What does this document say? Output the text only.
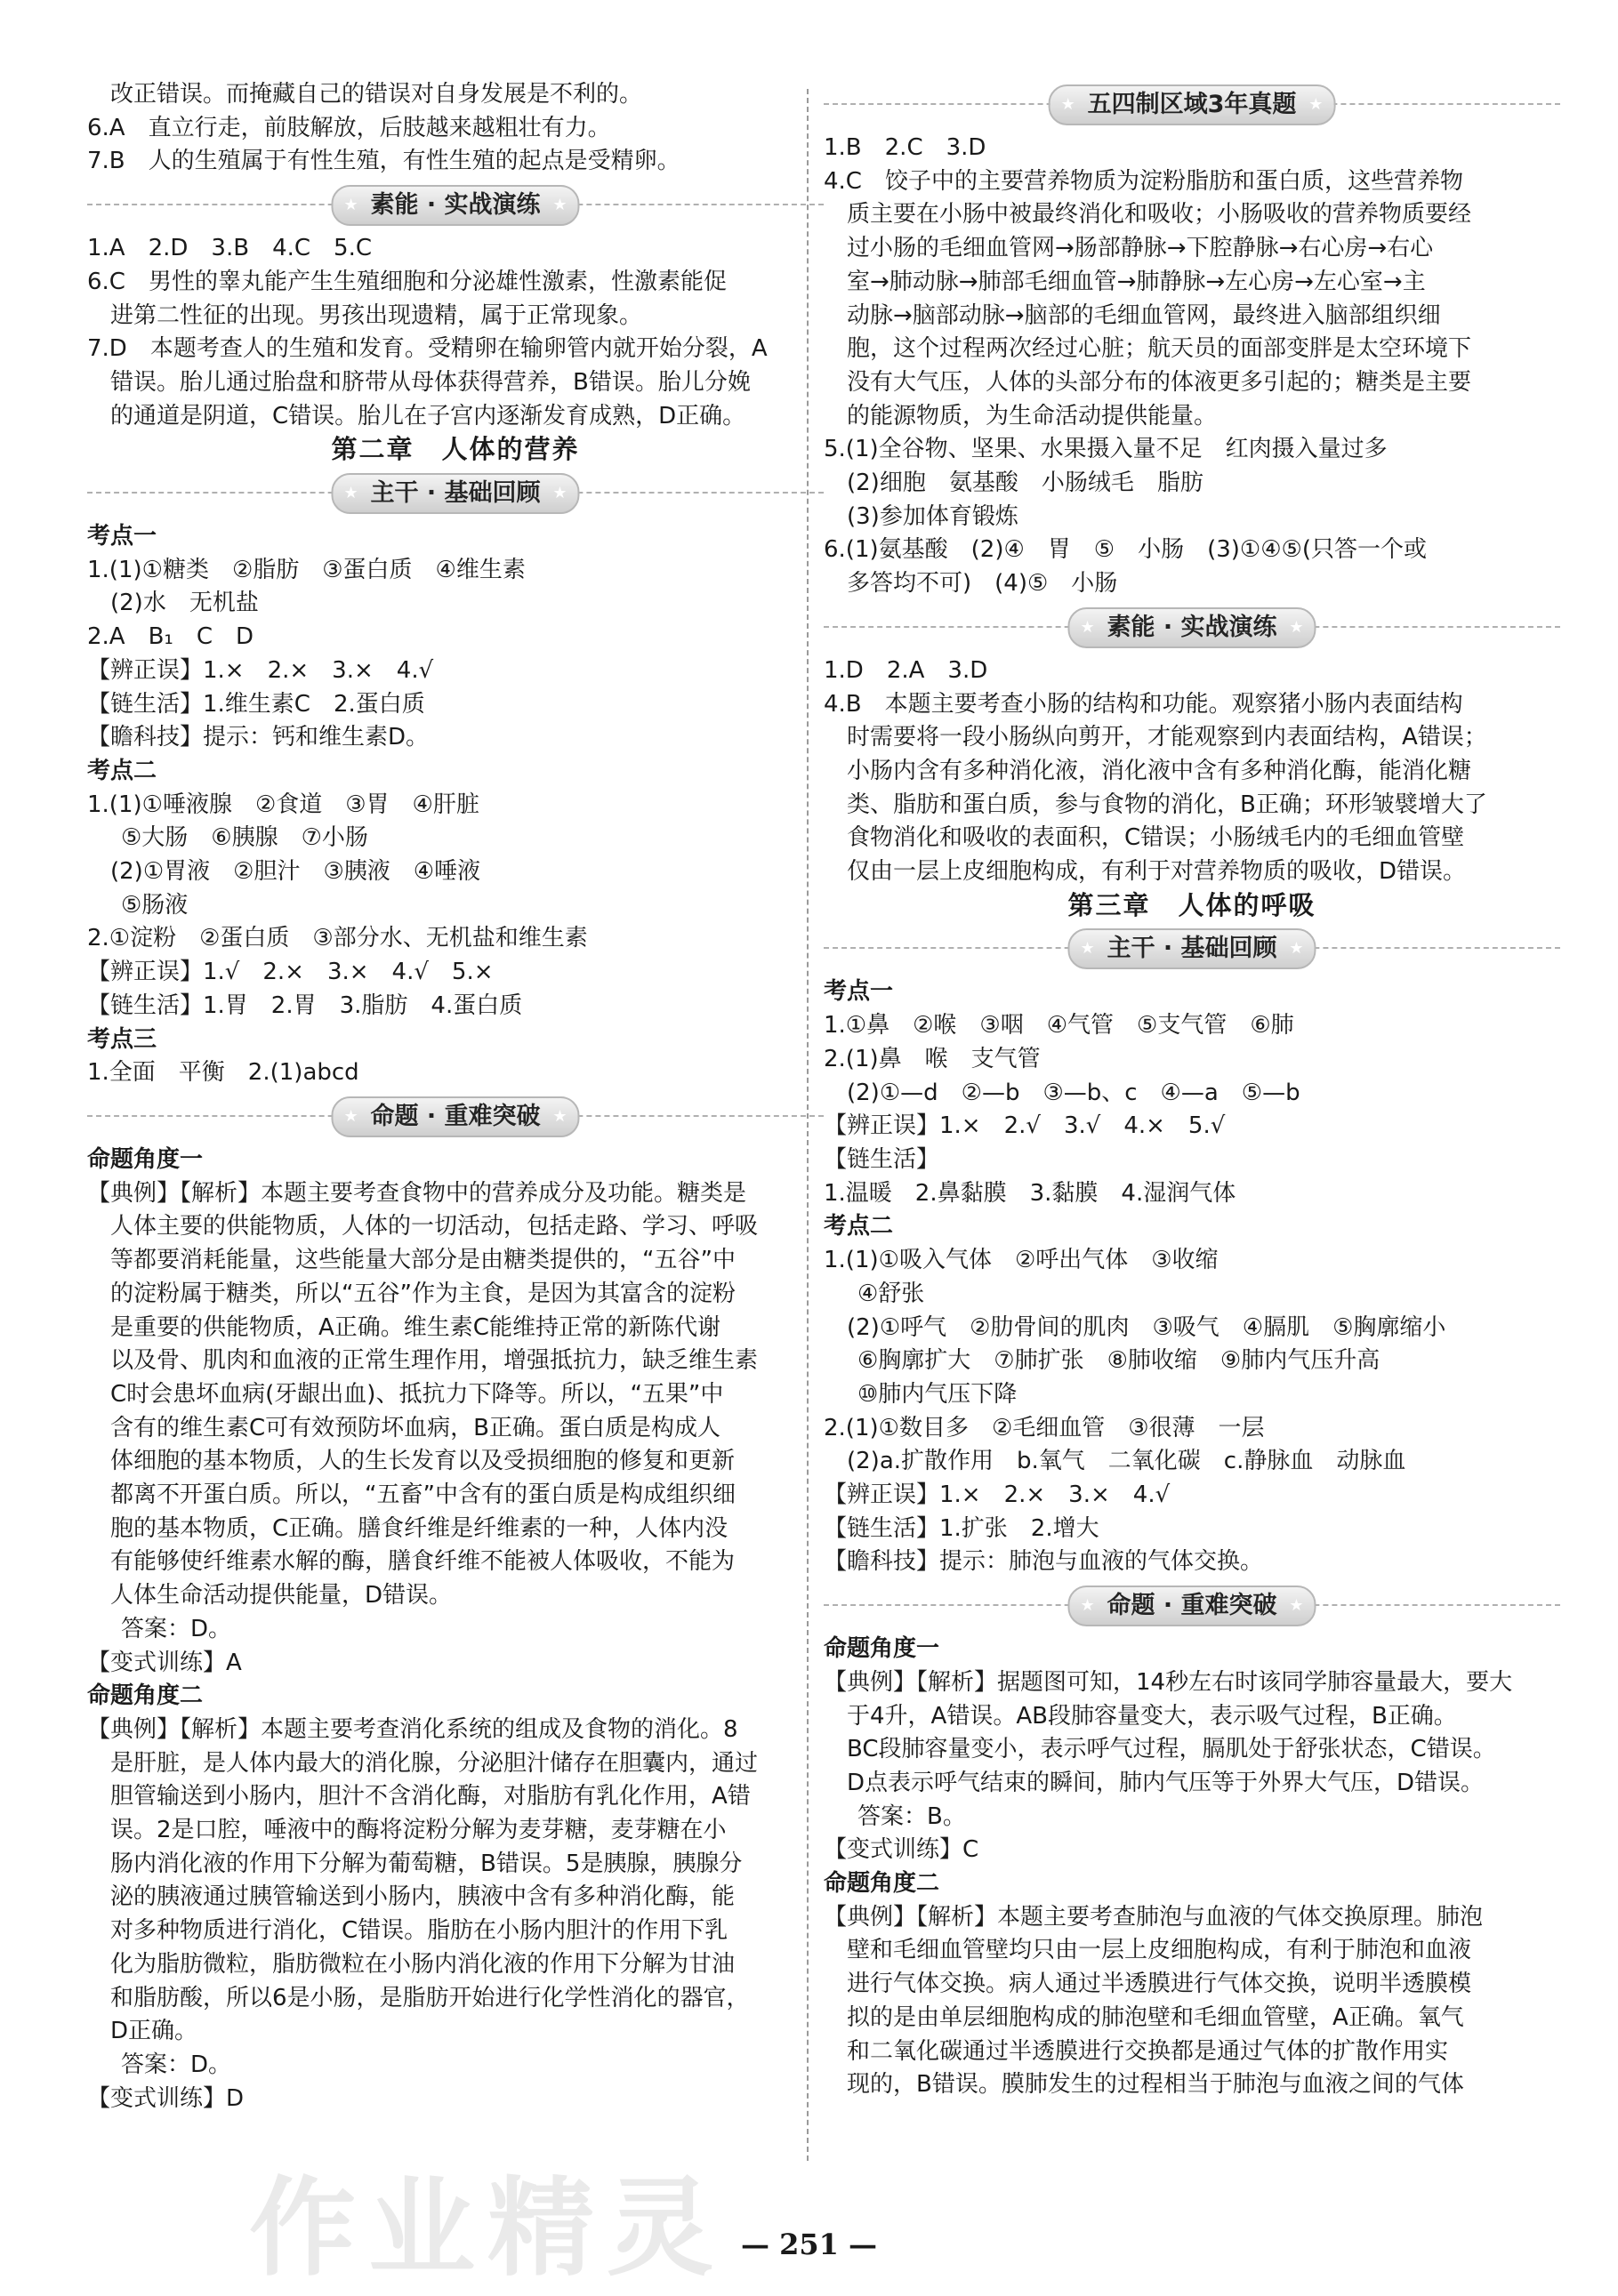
改正错误。而掩藏自己的错误对自身发展是不利的。
6.A　直立行走，前肢解放，后肢越来越粗壮有力。
7.B　人的生殖属于有性生殖，有性生殖的起点是受精卵。
★ 素能 · 实战演练 ★
1.A　2.D　3.B　4.C　5.C
6.C　男性的睾丸能产生生殖细胞和分泌雄性激素，性激素能促
进第二性征的出现。男孩出现遗精，属于正常现象。
7.D　本题考查人的生殖和发育。受精卵在输卵管内就开始分裂，A
错误。胎儿通过胎盘和脐带从母体获得营养，B错误。胎儿分娩
的通道是阴道，C错误。胎儿在子宫内逐渐发育成熟，D正确。
第二章　人体的营养
★ 主干 · 基础回顾 ★
考点一
1.(1)①糖类　②脂肪　③蛋白质　④维生素
(2)水　无机盐
2.A　B₁　C　D
【辨正误】1.×　2.×　3.×　4.√
【链生活】1.维生素C　2.蛋白质
【瞻科技】提示：钙和维生素D。
考点二
1.(1)①唾液腺　②食道　③胃　④肝脏
⑤大肠　⑥胰腺　⑦小肠
(2)①胃液　②胆汁　③胰液　④唾液
⑤肠液
2.①淀粉　②蛋白质　③部分水、无机盐和维生素
【辨正误】1.√　2.×　3.×　4.√　5.×
【链生活】1.胃　2.胃　3.脂肪　4.蛋白质
考点三
1.全面　平衡　2.(1)abcd
★ 命题 · 重难突破 ★
命题角度一
【典例】【解析】本题主要考查食物中的营养成分及功能。糖类是
人体主要的供能物质，人体的一切活动，包括走路、学习、呼吸
等都要消耗能量，这些能量大部分是由糖类提供的，“五谷”中
的淀粉属于糖类，所以“五谷”作为主食，是因为其富含的淀粉
是重要的供能物质，A正确。维生素C能维持正常的新陈代谢
以及骨、肌肉和血液的正常生理作用，增强抵抗力，缺乏维生素
C时会患坏血病(牙龈出血)、抵抗力下降等。所以，“五果”中
含有的维生素C可有效预防坏血病，B正确。蛋白质是构成人
体细胞的基本物质，人的生长发育以及受损细胞的修复和更新
都离不开蛋白质。所以，“五畜”中含有的蛋白质是构成组织细
胞的基本物质，C正确。膳食纤维是纤维素的一种，人体内没
有能够使纤维素水解的酶，膳食纤维不能被人体吸收，不能为
人体生命活动提供能量，D错误。
答案：D。
【变式训练】A
命题角度二
【典例】【解析】本题主要考查消化系统的组成及食物的消化。8
是肝脏，是人体内最大的消化腺，分泌胆汁储存在胆囊内，通过
胆管输送到小肠内，胆汁不含消化酶，对脂肪有乳化作用，A错
误。2是口腔，唾液中的酶将淀粉分解为麦芽糖，麦芽糖在小
肠内消化液的作用下分解为葡萄糖，B错误。5是胰腺，胰腺分
泌的胰液通过胰管输送到小肠内，胰液中含有多种消化酶，能
对多种物质进行消化，C错误。脂肪在小肠内胆汁的作用下乳
化为脂肪微粒，脂肪微粒在小肠内消化液的作用下分解为甘油
和脂肪酸，所以6是小肠，是脂肪开始进行化学性消化的器官，
D正确。
答案：D。
【变式训练】D
★ 五四制区域3年真题 ★
1.B　2.C　3.D
4.C　饺子中的主要营养物质为淀粉脂肪和蛋白质，这些营养物
质主要在小肠中被最终消化和吸收；小肠吸收的营养物质要经
过小肠的毛细血管网→肠部静脉→下腔静脉→右心房→右心
室→肺动脉→肺部毛细血管→肺静脉→左心房→左心室→主
动脉→脑部动脉→脑部的毛细血管网，最终进入脑部组织细
胞，这个过程两次经过心脏；航天员的面部变胖是太空环境下
没有大气压，人体的头部分布的体液更多引起的；糖类是主要
的能源物质，为生命活动提供能量。
5.(1)全谷物、坚果、水果摄入量不足　红肉摄入量过多
(2)细胞　氨基酸　小肠绒毛　脂肪
(3)参加体育锻炼
6.(1)氨基酸　(2)④　胃　⑤　小肠　(3)①④⑤(只答一个或
多答均不可)　(4)⑤　小肠
★ 素能 · 实战演练 ★
1.D　2.A　3.D
4.B　本题主要考查小肠的结构和功能。观察猪小肠内表面结构
时需要将一段小肠纵向剪开，才能观察到内表面结构，A错误；
小肠内含有多种消化液，消化液中含有多种消化酶，能消化糖
类、脂肪和蛋白质，参与食物的消化，B正确；环形皱襞增大了
食物消化和吸收的表面积，C错误；小肠绒毛内的毛细血管壁
仅由一层上皮细胞构成，有利于对营养物质的吸收，D错误。
第三章　人体的呼吸
★ 主干 · 基础回顾 ★
考点一
1.①鼻　②喉　③咽　④气管　⑤支气管　⑥肺
2.(1)鼻　喉　支气管
(2)①—d　②—b　③—b、c　④—a　⑤—b
【辨正误】1.×　2.√　3.√　4.×　5.√
【链生活】
1.温暖　2.鼻黏膜　3.黏膜　4.湿润气体
考点二
1.(1)①吸入气体　②呼出气体　③收缩
④舒张
(2)①呼气　②肋骨间的肌肉　③吸气　④膈肌　⑤胸廓缩小
⑥胸廓扩大　⑦肺扩张　⑧肺收缩　⑨肺内气压升高
⑩肺内气压下降
2.(1)①数目多　②毛细血管　③很薄　一层
(2)a.扩散作用　b.氧气　二氧化碳　c.静脉血　动脉血
【辨正误】1.×　2.×　3.×　4.√
【链生活】1.扩张　2.增大
【瞻科技】提示：肺泡与血液的气体交换。
★ 命题 · 重难突破 ★
命题角度一
【典例】【解析】据题图可知，14秒左右时该同学肺容量最大，要大
于4升，A错误。AB段肺容量变大，表示吸气过程，B正确。
BC段肺容量变小，表示呼气过程，膈肌处于舒张状态，C错误。
D点表示呼气结束的瞬间，肺内气压等于外界大气压，D错误。
答案：B。
【变式训练】C
命题角度二
【典例】【解析】本题主要考查肺泡与血液的气体交换原理。肺泡
壁和毛细血管壁均只由一层上皮细胞构成，有利于肺泡和血液
进行气体交换。病人通过半透膜进行气体交换，说明半透膜模
拟的是由单层细胞构成的肺泡壁和毛细血管壁，A正确。氧气
和二氧化碳通过半透膜进行交换都是通过气体的扩散作用实
现的，B错误。膜肺发生的过程相当于肺泡与血液之间的气体
— 251 —
作业精灵
